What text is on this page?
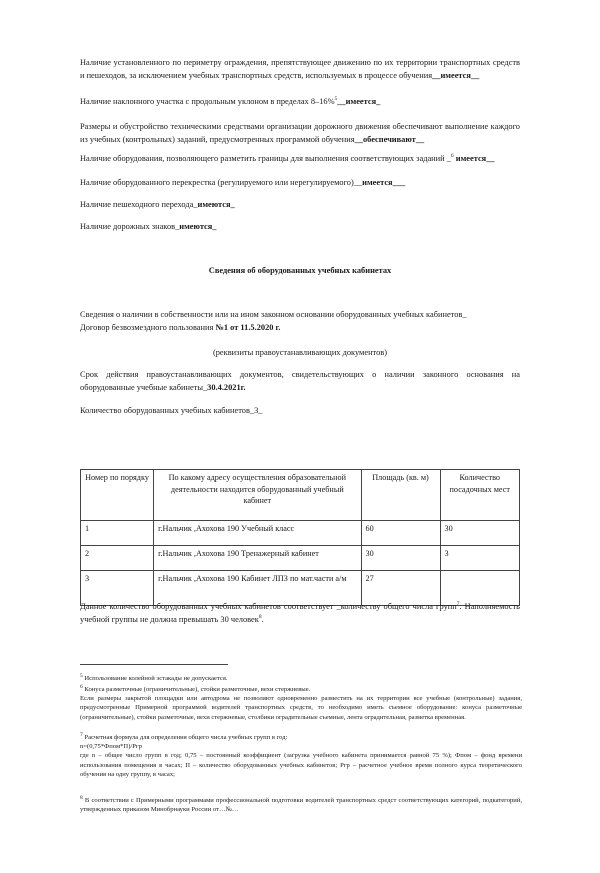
Наличие установленного по периметру ограждения, препятствующее движению по их территории транспортных средств и пешеходов, за исключением учебных транспортных средств, используемых в процессе обучения__имеется__

Наличие наклонного участка с продольным уклоном в пределах 8–16%$^5$__имеется_

Размеры и обустройство техническими средствами организации дорожного движения обеспечивают выполнение каждого из учебных (контрольных) заданий, предусмотренных программой обучения__обеспечивают__

Наличие оборудования, позволяющего разметить границы для выполнения соответствующих заданий _$^6$ имеется__

Наличие оборудованного перекрестка (регулируемого или нерегулируемого)__имеется___

Наличие пешеходного перехода_имеются_

Наличие дорожных знаков_имеются_

Сведения об оборудованных учебных кабинетах

Сведения о наличии в собственности или на ином законном основании оборудованных учебных кабинетов_
Договор безвозмездного пользования №1 от 11.5.2020 г.

(реквизиты правоустанавливающих документов)

Срок действия правоустанавливающих документов, свидетельствующих о наличии законного основания на оборудованные учебные кабинеты_30.4.2021г.

Количество оборудованных учебных кабинетов_3_

Номер по порядку	По какому адресу осуществления образовательной деятельности находится оборудованный учебный кабинет	Площадь (кв. м)	Количество посадочных мест
1	г.Нальчик ,Ахохова 190 Учебный класс	60	30
2	г.Нальчик ,Ахохова 190 Тренажерный кабинет	30	3
3	г.Нальчик ,Ахохова 190 Кабинет ЛПЗ по мат.части а/м	27	

Данное количество оборудованных учебных кабинетов соответствует _количеству общего числа групп$^7$. Наполняемость учебной группы не должна превышать 30 человек$^8$.

$^5$ Использование колейной эстакады не допускается.

$^6$ Конуса разметочные (ограничительные), стойки разметочные, вехи стержневые.
Если размеры закрытой площадки или автодрома не позволяют одновременно разместить на их территории все учебные (контрольные) задания, предусмотренные Примерной программой водителей транспортных средств, то необходимо иметь съемное оборудование: конуса разметочные (ограничительные), стойки разметочные, вехи стержневые, столбики оградительные съемные, лента оградительная, разметка временная.

$^7$ Расчетная формула для определения общего числа учебных групп в год:
n=(0,75*Фпом*П)/Ргр
где n – общее число групп в год; 0,75 – постоянный коэффициент (загрузка учебного кабинета принимается равной 75 %); Фпом – фонд времени использования помещения в часах; П – количество оборудованных учебных кабинетов; Pгр – расчетное учебное время полного курса теоретического обучения на одну группу, в часах;

$^8$ В соответствии с Примерными программами профессиональной подготовки водителей транспортных средст соответствующих категорий, подкатегорий, утвержденных приказом Минобрнауки России от…№…
